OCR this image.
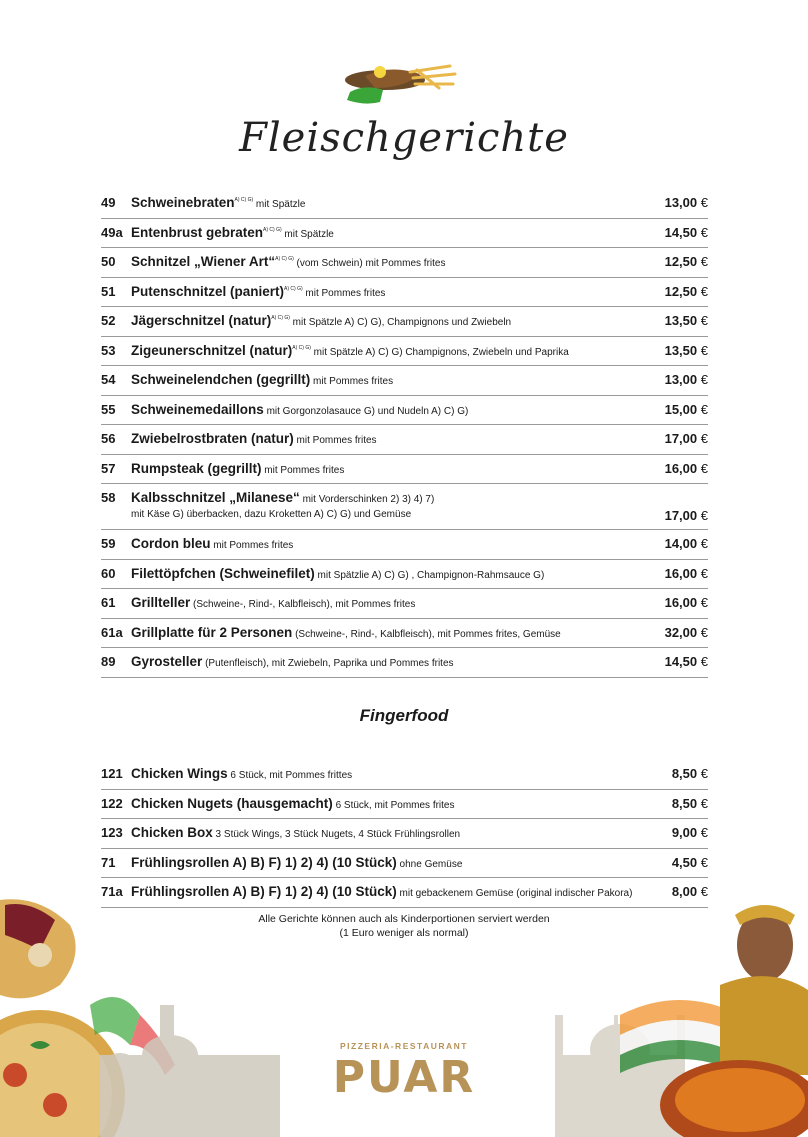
Fleischgerichte
49 Schweinebraten$^{A) C) G)}$ mit Spätzle	13,00 €
49a Entenbrust gebraten$^{A) C) G)}$ mit Spätzle	14,50 €
50 Schnitzel „Wiener Art“$^{A) C) G)}$ (vom Schwein) mit Pommes frites	12,50 €
51 Putenschnitzel (paniert)$^{A) C) G)}$ mit Pommes frites	12,50 €
52 Jägerschnitzel (natur)$^{A) C) G)}$ mit Spätzle A) C) G), Champignons und Zwiebeln	13,50 €
53 Zigeunerschnitzel (natur)$^{A) C) G)}$ mit Spätzle A) C) G) Champignons, Zwiebeln und Paprika	13,50 €
54 Schweinelendchen (gegrillt) mit Pommes frites	13,00 €
55 Schweinemedaillons mit Gorgonzolasauce G) und Nudeln A) C) G)	15,00 €
56 Zwiebelrostbraten (natur) mit Pommes frites	17,00 €
57 Rumpsteak (gegrillt) mit Pommes frites	16,00 €
58 Kalbsschnitzel „Milanese“ mit Vorderschinken 2) 3) 4) 7)
mit Käse G) überbacken, dazu Kroketten A) C) G) und Gemüse	17,00 €
59 Cordon bleu mit Pommes frites	14,00 €
60 Filettöpfchen (Schweinefilet) mit Spätzlie A) C) G) , Champignon-Rahmsauce G)	16,00 €
61 Grillteller (Schweine-, Rind-, Kalbfleisch), mit Pommes frites	16,00 €
61a Grillplatte für 2 Personen (Schweine-, Rind-, Kalbfleisch), mit Pommes frites, Gemüse	32,00 €
89 Gyrosteller (Putenfleisch), mit Zwiebeln, Paprika und Pommes frites	14,50 €
Fingerfood
121 Chicken Wings 6 Stück, mit Pommes frittes	8,50 €
122 Chicken Nugets (hausgemacht) 6 Stück, mit Pommes frites	8,50 €
123 Chicken Box 3 Stück Wings, 3 Stück Nugets, 4 Stück Frühlingsrollen	9,00 €
71 Frühlingsrollen A) B) F) 1) 2) 4) (10 Stück) ohne Gemüse	4,50 €
71a Frühlingsrollen A) B) F) 1) 2) 4) (10 Stück) mit gebackenem Gemüse (original indischer Pakora)	8,00 €
Alle Gerichte können auch als Kinderportionen serviert werden
(1 Euro weniger als normal)
PIZZERIA-RESTAURANT
PUAR
